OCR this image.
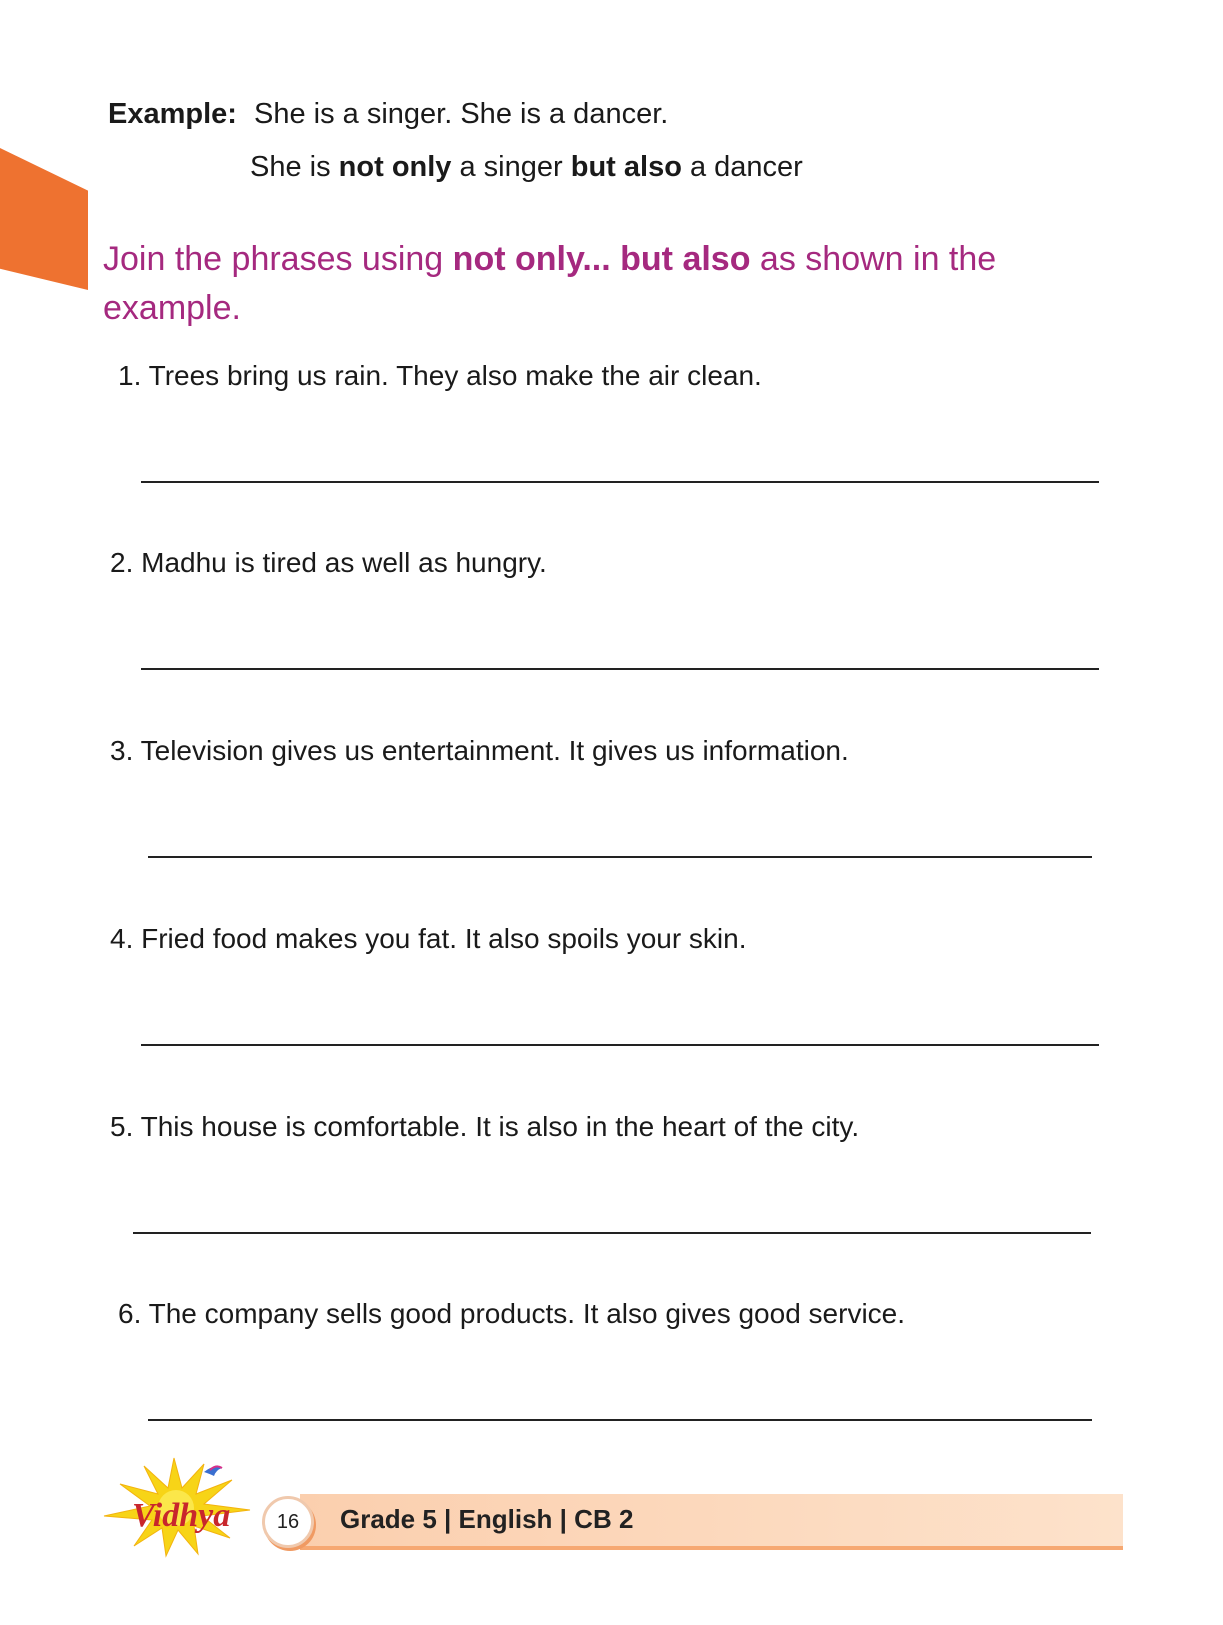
Example: She is a singer. She is a dancer.
She is not only a singer but also a dancer
Join the phrases using not only... but also as shown in the example.
1. Trees bring us rain. They also make the air clean.
2. Madhu is tired as well as hungry.
3. Television gives us entertainment. It gives us information.
4. Fried food makes you fat. It also spoils your skin.
5. This house is comfortable. It is also in the heart of the city.
6. The company sells good products. It also gives good service.
Vidhya 16 Grade 5 | English | CB 2
